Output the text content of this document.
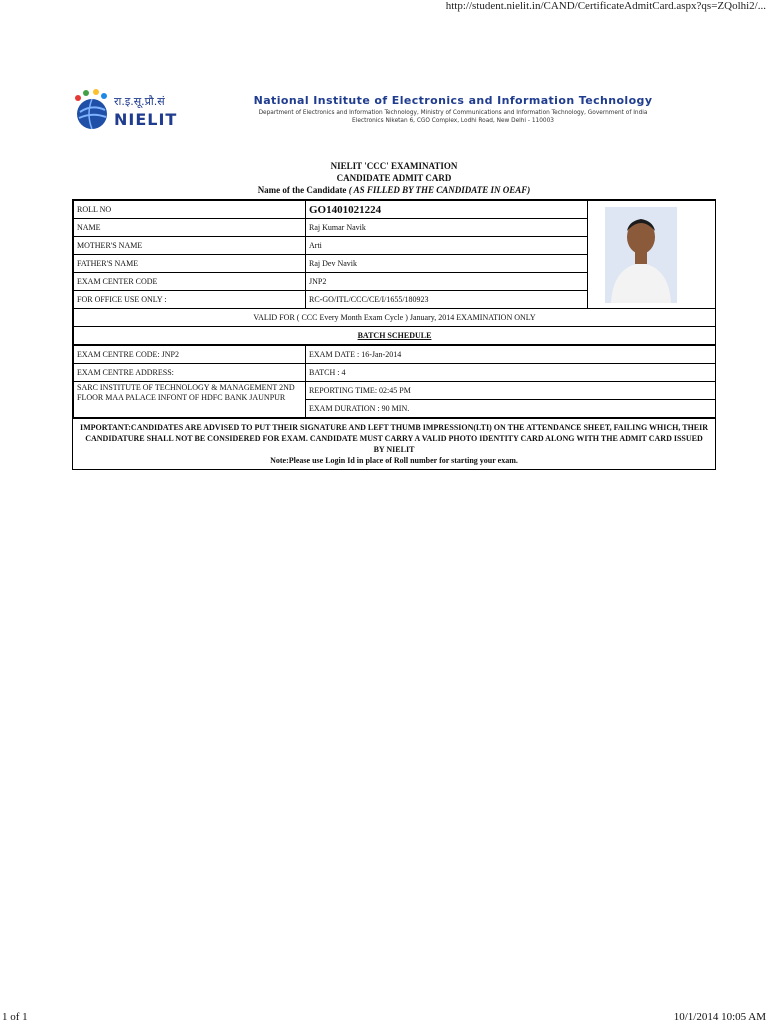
http://student.nielit.in/CAND/CertificateAdmitCard.aspx?qs=ZQolhi2/...
रा.इ.सू.प्रौ.सं
NIELIT
National Institute of Electronics and Information Technology
Department of Electronics and Information Technology, Ministry of Communications and Information Technology, Government of India
Electronics Niketan 6, CGO Complex, Lodhi Road, New Delhi - 110003
NIELIT 'CCC' EXAMINATION
CANDIDATE ADMIT CARD
Name of the Candidate ( AS FILLED BY THE CANDIDATE IN OEAF)
ROLL NO	GO1401021224	

NAME	Raj Kumar Navik	
MOTHER'S NAME	Arti	
FATHER'S NAME	Raj Dev Navik	
EXAM CENTER CODE	JNP2	
FOR OFFICE USE ONLY :	RC-GO/ITL/CCC/CE/I/1655/180923	
VALID FOR ( CCC Every Month Exam Cycle ) January, 2014 EXAMINATION ONLY		
BATCH SCHEDULE		
EXAM CENTRE CODE: JNP2	EXAM DATE : 16-Jan-2014
EXAM CENTRE ADDRESS:	BATCH : 4
SARC INSTITUTE OF TECHNOLOGY & MANAGEMENT 2ND FLOOR MAA PALACE INFONT OF HDFC BANK JAUNPUR	REPORTING TIME: 02:45 PM
	EXAM DURATION : 90 MIN.
IMPORTANT:CANDIDATES ARE ADVISED TO PUT THEIR SIGNATURE AND LEFT THUMB IMPRESSION(LTI) ON THE ATTENDANCE SHEET, FAILING WHICH, THEIR CANDIDATURE SHALL NOT BE CONSIDERED FOR EXAM. CANDIDATE MUST CARRY A VALID PHOTO IDENTITY CARD ALONG WITH THE ADMIT CARD ISSUED BY NIELIT
Note:Please use Login Id in place of Roll number for starting your exam.
1 of 1	10/1/2014 10:05 AM
